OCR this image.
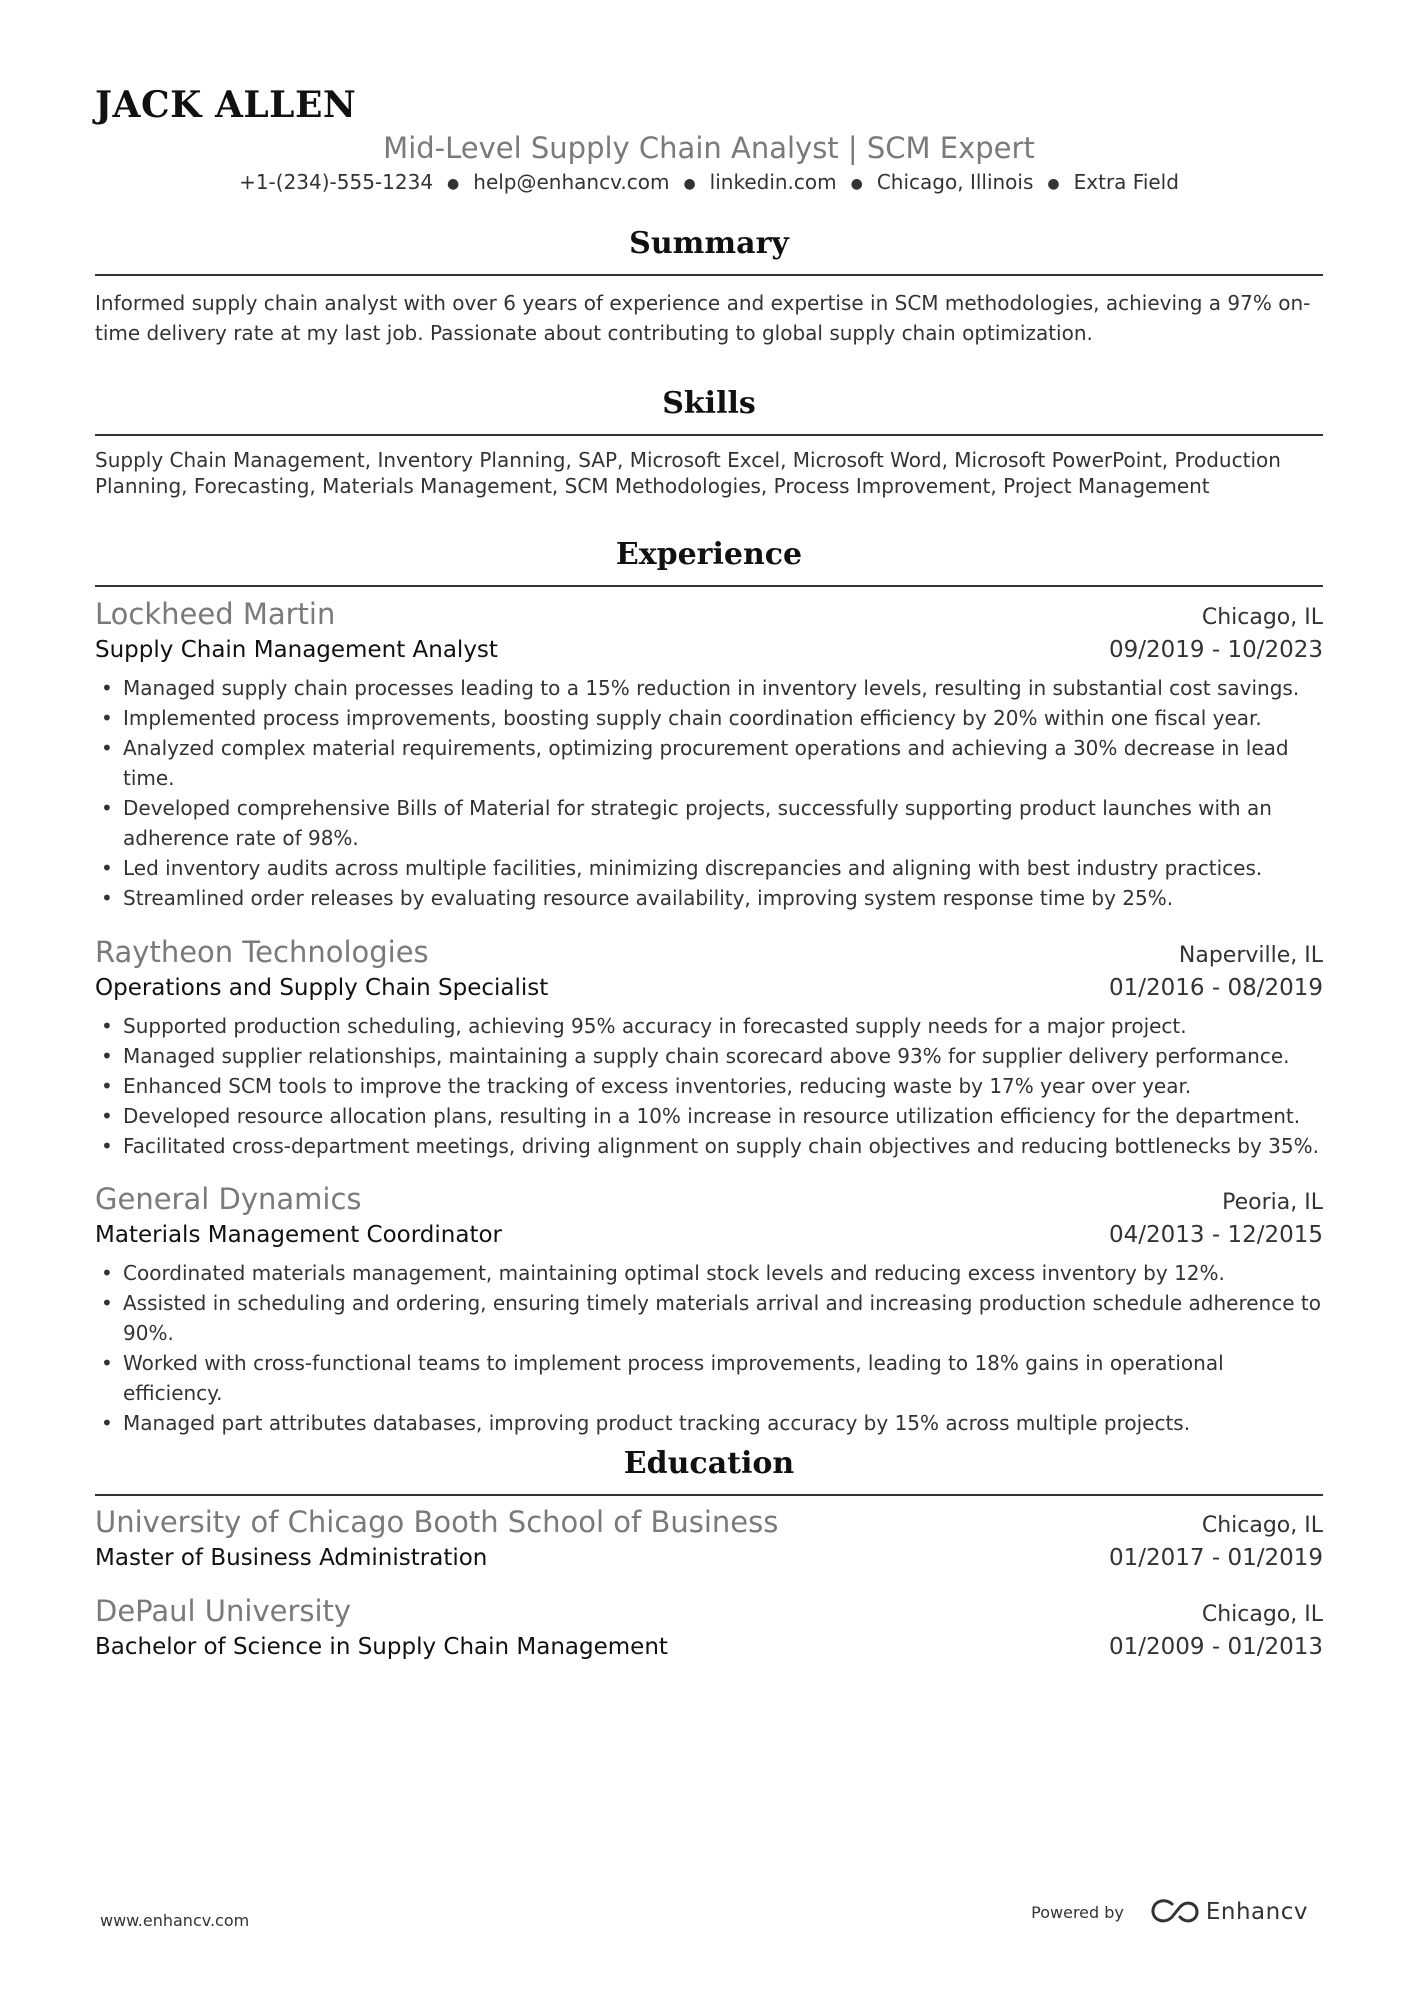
JACK ALLEN
Mid-Level Supply Chain Analyst | SCM Expert
+1-(234)-555-1234 ● help@enhancv.com ● linkedin.com ● Chicago, Illinois ● Extra Field
Summary
Informed supply chain analyst with over 6 years of experience and expertise in SCM methodologies, achieving a 97% on-time delivery rate at my last job. Passionate about contributing to global supply chain optimization.
Skills
Supply Chain Management, Inventory Planning, SAP, Microsoft Excel, Microsoft Word, Microsoft PowerPoint, Production Planning, Forecasting, Materials Management, SCM Methodologies, Process Improvement, Project Management
Experience
Lockheed Martin	Chicago, IL
Supply Chain Management Analyst	09/2019 - 10/2023
• Managed supply chain processes leading to a 15% reduction in inventory levels, resulting in substantial cost savings.
• Implemented process improvements, boosting supply chain coordination efficiency by 20% within one fiscal year.
• Analyzed complex material requirements, optimizing procurement operations and achieving a 30% decrease in lead time.
• Developed comprehensive Bills of Material for strategic projects, successfully supporting product launches with an adherence rate of 98%.
• Led inventory audits across multiple facilities, minimizing discrepancies and aligning with best industry practices.
• Streamlined order releases by evaluating resource availability, improving system response time by 25%.
Raytheon Technologies	Naperville, IL
Operations and Supply Chain Specialist	01/2016 - 08/2019
• Supported production scheduling, achieving 95% accuracy in forecasted supply needs for a major project.
• Managed supplier relationships, maintaining a supply chain scorecard above 93% for supplier delivery performance.
• Enhanced SCM tools to improve the tracking of excess inventories, reducing waste by 17% year over year.
• Developed resource allocation plans, resulting in a 10% increase in resource utilization efficiency for the department.
• Facilitated cross-department meetings, driving alignment on supply chain objectives and reducing bottlenecks by 35%.
General Dynamics	Peoria, IL
Materials Management Coordinator	04/2013 - 12/2015
• Coordinated materials management, maintaining optimal stock levels and reducing excess inventory by 12%.
• Assisted in scheduling and ordering, ensuring timely materials arrival and increasing production schedule adherence to 90%.
• Worked with cross-functional teams to implement process improvements, leading to 18% gains in operational efficiency.
• Managed part attributes databases, improving product tracking accuracy by 15% across multiple projects.
Education
University of Chicago Booth School of Business	Chicago, IL
Master of Business Administration	01/2017 - 01/2019
DePaul University	Chicago, IL
Bachelor of Science in Supply Chain Management	01/2009 - 01/2013
www.enhancv.com	Powered by	Enhancv
